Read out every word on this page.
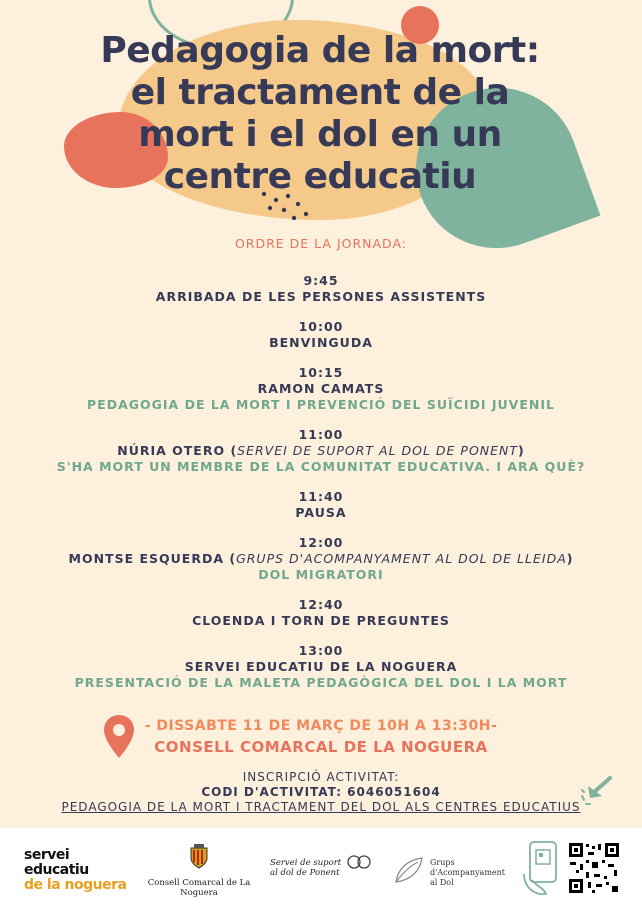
Pedagogia de la mort:
el tractament de la
mort i el dol en un
centre educatiu
ORDRE DE LA JORNADA:
9:45
ARRIBADA DE LES PERSONES ASSISTENTS
10:00
BENVINGUDA
10:15
RAMON CAMATS
PEDAGOGIA DE LA MORT I PREVENCIÓ DEL SUÏCIDI JUVENIL
11:00
NÚRIA OTERO (SERVEI DE SUPORT AL DOL DE PONENT)
S'HA MORT UN MEMBRE DE LA COMUNITAT EDUCATIVA. I ARA QUÈ?
11:40
PAUSA
12:00
MONTSE ESQUERDA (GRUPS D'ACOMPANYAMENT AL DOL DE LLEIDA)
DOL MIGRATORI
12:40
CLOENDA I TORN DE PREGUNTES
13:00
SERVEI EDUCATIU DE LA NOGUERA
PRESENTACIÓ DE LA MALETA PEDAGÒGICA DEL DOL I LA MORT
- DISSABTE 11 DE MARÇ DE 10H A 13:30H-
CONSELL COMARCAL DE LA NOGUERA
INSCRIPCIÓ ACTIVITAT:
CODI D'ACTIVITAT: 6046051604
PEDAGOGIA DE LA MORT I TRACTAMENT DEL DOL ALS CENTRES EDUCATIUS
servei
educatiu
de la noguera	Consell Comarcal de La Noguera
Servei de suport
al dol de Ponent
Grups
d'Acompanyament
al Dol
